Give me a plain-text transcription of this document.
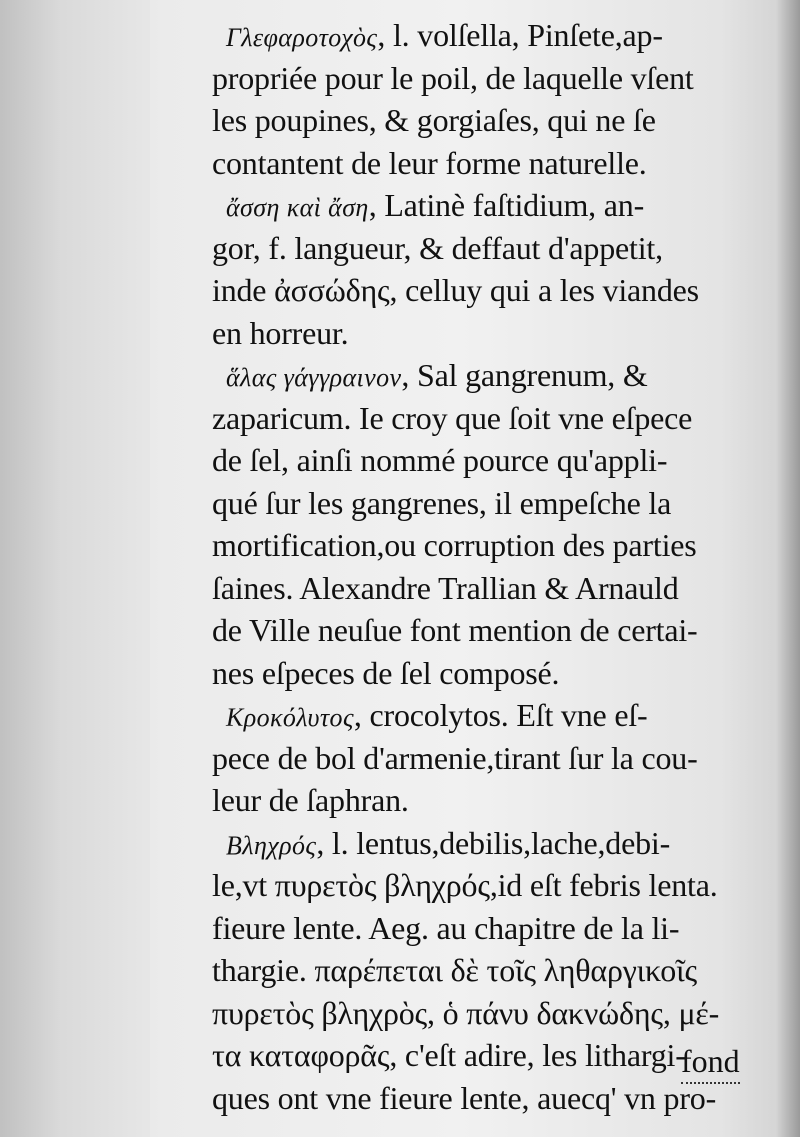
Γλεφαροτοχὸς, l. volſella, Pinſete,ap-
propriée pour le poil, de laquelle vſent
les poupines, & gorgiaſes, qui ne ſe
contantent de leur forme naturelle.
ἄσση καὶ ἄση, Latinè faſtidium, an-
gor, f. langueur, & deffaut d'appetit,
inde ἀσσώδης, celluy qui a les viandes
en horreur.
ἅλας γάγγραινον, Sal gangrenum, &
zaparicum. Ie croy que ſoit vne eſpece
de ſel, ainſi nommé pource qu'appli-
qué ſur les gangrenes, il empeſche la
mortification,ou corruption des parties
ſaines. Alexandre Trallian & Arnauld
de Ville neuſue font mention de certai-
nes eſpeces de ſel composé.
Κροκόλυτος, crocolytos. Eſt vne eſ-
pece de bol d'armenie,tirant ſur la cou-
leur de ſaphran.
Βληχρός, l. lentus,debilis,lache,debi-
le,vt πυρετὸς βληχρός,id eſt febris lenta.
fieure lente. Aeg. au chapitre de la li-
thargie. παρέπεται δὲ τοῖς ληθαργικοῖς
πυρετὸς βληχρὸς, ὁ πάνυ δακνώδης, μέ-
τα καταφορᾶς, c'eſt adire, les lithargi-
ques ont vne fieure lente, auecq' vn pro-
fond
